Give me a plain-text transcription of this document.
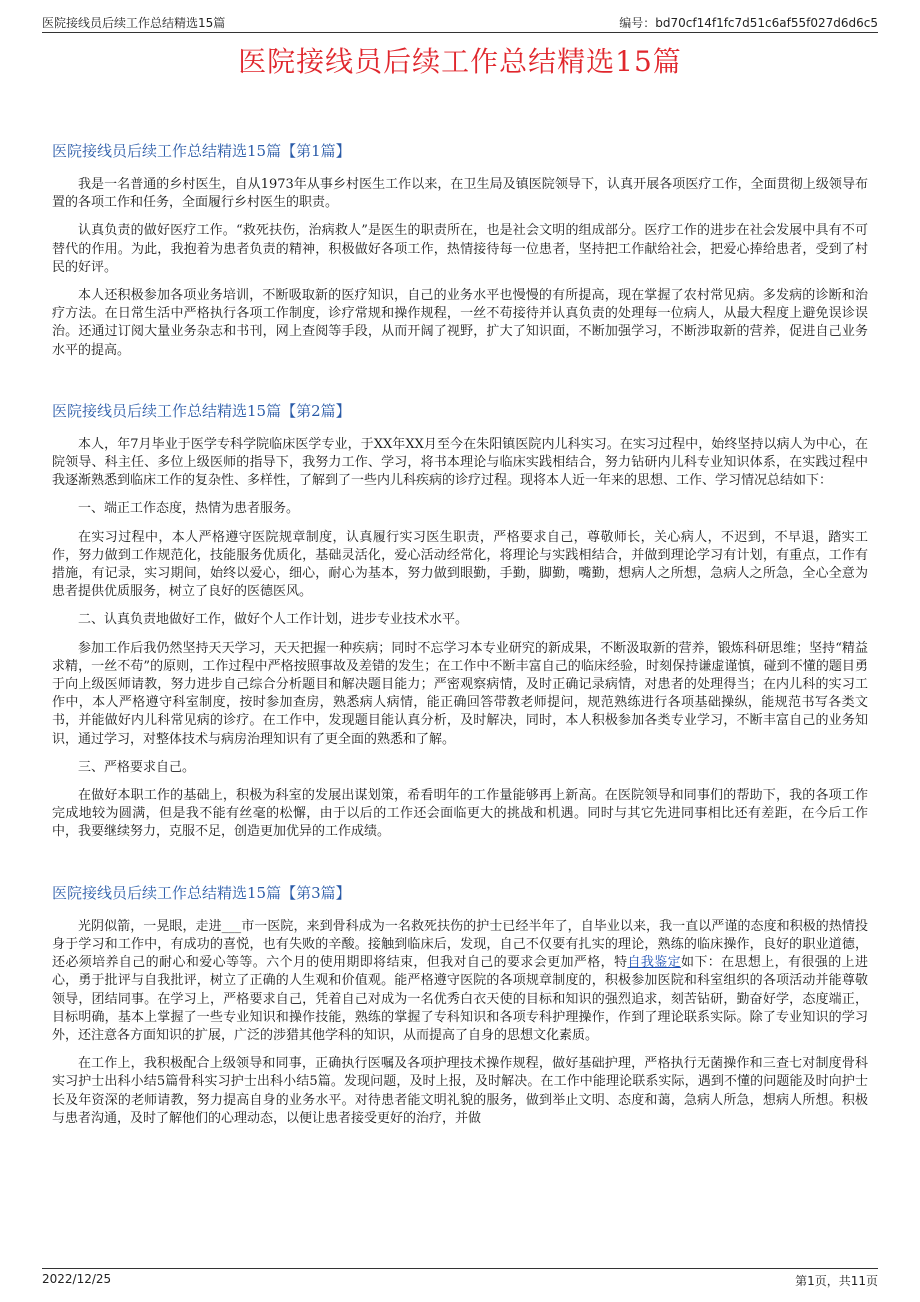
医院接线员后续工作总结精选15篇	编号：bd70cf14f1fc7d51c6af55f027d6d6c5
医院接线员后续工作总结精选15篇
医院接线员后续工作总结精选15篇【第1篇】

我是一名普通的乡村医生，自从1973年从事乡村医生工作以来，在卫生局及镇医院领导下，认真开展各项医疗工作，全面贯彻上级领导布置的各项工作和任务，全面履行乡村医生的职责。

认真负责的做好医疗工作。“救死扶伤，治病救人”是医生的职责所在，也是社会文明的组成部分。医疗工作的进步在社会发展中具有不可替代的作用。为此，我抱着为患者负责的精神，积极做好各项工作，热情接待每一位患者，坚持把工作献给社会，把爱心捧给患者，受到了村民的好评。

本人还积极参加各项业务培训，不断吸取新的医疗知识，自己的业务水平也慢慢的有所提高，现在掌握了农村常见病。多发病的诊断和治疗方法。在日常生活中严格执行各项工作制度，诊疗常规和操作规程，一丝不苟接待并认真负责的处理每一位病人，从最大程度上避免误诊误治。还通过订阅大量业务杂志和书刊，网上查阅等手段，从而开阔了视野，扩大了知识面，不断加强学习，不断涉取新的营养，促进自己业务水平的提高。

医院接线员后续工作总结精选15篇【第2篇】

本人，年7月毕业于医学专科学院临床医学专业，于XX年XX月至今在朱阳镇医院内儿科实习。在实习过程中，始终坚持以病人为中心，在院领导、科主任、多位上级医师的指导下，我努力工作、学习，将书本理论与临床实践相结合，努力钻研内儿科专业知识体系，在实践过程中我逐渐熟悉到临床工作的复杂性、多样性，了解到了一些内儿科疾病的诊疗过程。现将本人近一年来的思想、工作、学习情况总结如下：

一、端正工作态度，热情为患者服务。

在实习过程中，本人严格遵守医院规章制度，认真履行实习医生职责，严格要求自己，尊敬师长，关心病人，不迟到，不早退，踏实工作，努力做到工作规范化，技能服务优质化，基础灵活化，爱心活动经常化，将理论与实践相结合，并做到理论学习有计划，有重点，工作有措施，有记录，实习期间，始终以爱心，细心，耐心为基本，努力做到眼勤，手勤，脚勤，嘴勤，想病人之所想，急病人之所急，全心全意为患者提供优质服务，树立了良好的医德医风。

二、认真负责地做好工作，做好个人工作计划，进步专业技术水平。

参加工作后我仍然坚持天天学习，天天把握一种疾病；同时不忘学习本专业研究的新成果，不断汲取新的营养，锻炼科研思维；坚持“精益求精，一丝不苟”的原则，工作过程中严格按照事故及差错的发生；在工作中不断丰富自己的临床经验，时刻保持谦虚谨慎，碰到不懂的题目勇于向上级医师请教，努力进步自己综合分析题目和解决题目能力；严密观察病情，及时正确记录病情，对患者的处理得当；在内儿科的实习工作中，本人严格遵守科室制度，按时参加查房，熟悉病人病情，能正确回答带教老师提问，规范熟练进行各项基础操纵，能规范书写各类文书，并能做好内儿科常见病的诊疗。在工作中，发现题目能认真分析，及时解决，同时，本人积极参加各类专业学习，不断丰富自己的业务知识，通过学习，对整体技术与病房治理知识有了更全面的熟悉和了解。

三、严格要求自己。

在做好本职工作的基础上，积极为科室的发展出谋划策，希看明年的工作量能够再上新高。在医院领导和同事们的帮助下，我的各项工作完成地较为圆满，但是我不能有丝毫的松懈，由于以后的工作还会面临更大的挑战和机遇。同时与其它先进同事相比还有差距，在今后工作中，我要继续努力，克服不足，创造更加优异的工作成绩。

医院接线员后续工作总结精选15篇【第3篇】

光阴似箭，一晃眼，走进___市一医院，来到骨科成为一名救死扶伤的护士已经半年了，自毕业以来，我一直以严谨的态度和积极的热情投身于学习和工作中，有成功的喜悦，也有失败的辛酸。接触到临床后，发现，自己不仅要有扎实的理论，熟练的临床操作，良好的职业道德，还必须培养自己的耐心和爱心等等。六个月的使用期即将结束，但我对自己的要求会更加严格，特自我鉴定如下：在思想上，有很强的上进心，勇于批评与自我批评，树立了正确的人生观和价值观。能严格遵守医院的各项规章制度的，积极参加医院和科室组织的各项活动并能尊敬领导，团结同事。在学习上，严格要求自己，凭着自己对成为一名优秀白衣天使的目标和知识的强烈追求，刻苦钻研，勤奋好学，态度端正，目标明确，基本上掌握了一些专业知识和操作技能，熟练的掌握了专科知识和各项专科护理操作，作到了理论联系实际。除了专业知识的学习外，还注意各方面知识的扩展，广泛的涉猎其他学科的知识，从而提高了自身的思想文化素质。

在工作上，我积极配合上级领导和同事，正确执行医嘱及各项护理技术操作规程，做好基础护理，严格执行无菌操作和三查七对制度骨科实习护士出科小结5篇骨科实习护士出科小结5篇。发现问题，及时上报，及时解决。在工作中能理论联系实际，遇到不懂的问题能及时向护士长及年资深的老师请教，努力提高自身的业务水平。对待患者能文明礼貌的服务，做到举止文明、态度和蔼，急病人所急，想病人所想。积极与患者沟通，及时了解他们的心理动态，以便让患者接受更好的治疗，并做

2022/12/25	第1页，共11页
